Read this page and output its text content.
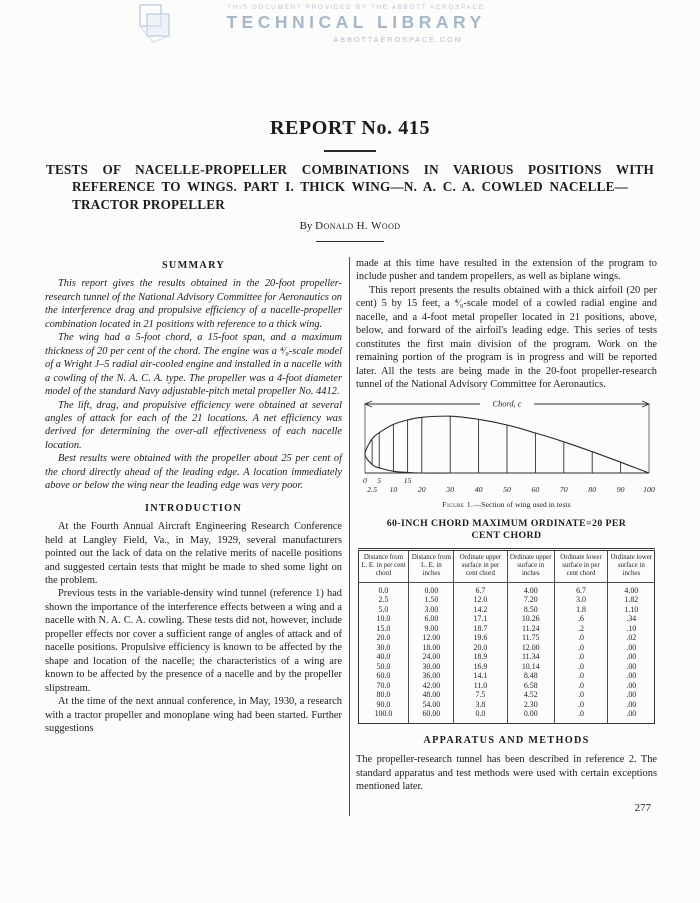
THIS DOCUMENT PROVIDED BY THE ABBOTT AEROSPACE
TECHNICAL LIBRARY
ABBOTTAEROSPACE.COM
REPORT No. 415
TESTS OF NACELLE-PROPELLER COMBINATIONS IN VARIOUS POSITIONS WITH
REFERENCE TO WINGS. PART I. THICK WING—N. A. C. A. COWLED NACELLE—
TRACTOR PROPELLER
By Donald H. Wood
SUMMARY

This report gives the results obtained in the 20-foot propeller-research tunnel of the National Advisory Committee for Aeronautics on the interference drag and propulsive efficiency of a nacelle-propeller combination located in 21 positions with reference to a thick wing.

The wing had a 5-foot chord, a 15-foot span, and a maximum thickness of 20 per cent of the chord. The engine was a ⁴⁄₉-scale model of a Wright J–5 radial air-cooled engine and installed in a nacelle with a cowling of the N. A. C. A. type. The propeller was a 4-foot diameter model of the standard Navy adjustable-pitch metal propeller No. 4412.

The lift, drag, and propulsive efficiency were obtained at several angles of attack for each of the 21 locations. A net efficiency was derived for determining the over-all effectiveness of each nacelle location.

Best results were obtained with the propeller about 25 per cent of the chord directly ahead of the leading edge. A location immediately above or below the wing near the leading edge was very poor.

INTRODUCTION

At the Fourth Annual Aircraft Engineering Research Conference held at Langley Field, Va., in May, 1929, several manufacturers pointed out the lack of data on the relative merits of nacelle positions and suggested certain tests that might be made to shed some light on the problem.

Previous tests in the variable-density wind tunnel (reference 1) had shown the importance of the interference effects between a wing and a nacelle with N. A. C. A. cowling. These tests did not, however, include propeller effects nor cover a sufficient range of angles of attack and of nacelle positions. Propulsive efficiency is known to be affected by the shape and location of the nacelle; the characteristics of a wing are known to be affected by the presence of a nacelle and by the propeller slipstream.

At the time of the next annual conference, in May, 1930, a research with a tractor propeller and monoplane wing had been started. Further suggestions

made at this time have resulted in the extension of the program to include pusher and tandem propellers, as well as biplane wings.

This report presents the results obtained with a thick airfoil (20 per cent) 5 by 15 feet, a ⁴⁄₉-scale model of a cowled radial engine and nacelle, and a 4-foot metal propeller located in 21 positions, above, below, and forward of the airfoil's leading edge. This series of tests constitutes the first main division of the program. Work on the remaining portion of the program is in progress and will be reported later. All the tests are being made in the 20-foot propeller-research tunnel of the National Advisory Committee for Aeronautics.

Chord, c
0 5	15
2.5 10	20	30	40	50	60	70	80	90 100
Figure 1.—Section of wing used in tests
60-INCH CHORD MAXIMUM ORDINATE=20 PER
CENT CHORD
Distance from L. E. in per cent chord	Distance from L. E. in inches	Ordinate upper surface in per cent chord	Ordinate upper surface in inches	Ordinate lower surface in per cent chord	Ordinate lower surface in inches
0.0	0.00	6.7	4.00	6.7	4.00
2.5	1.50	12.0	7.20	3.0	1.82
5.0	3.00	14.2	8.50	1.8	1.10
10.0	6.00	17.1	10.26	.6	.34
15.0	9.00	18.7	11.24	.2	.10
20.0	12.00	19.6	11.75	.0	.02
30.0	18.00	20.0	12.00	.0	.00
40.0	24.00	18.9	11.34	.0	.00
50.0	30.00	16.9	10.14	.0	.00
60.0	36.00	14.1	8.48	.0	.00
70.0	42.00	11.0	6.58	.0	.00
80.0	48.00	7.5	4.52	.0	.00
90.0	54.00	3.8	2.30	.0	.00
100.0	60.00	0.0	0.00	.0	.00
APPARATUS AND METHODS

The propeller-research tunnel has been described in reference 2. The standard apparatus and test methods were used with certain exceptions mentioned later.

277
